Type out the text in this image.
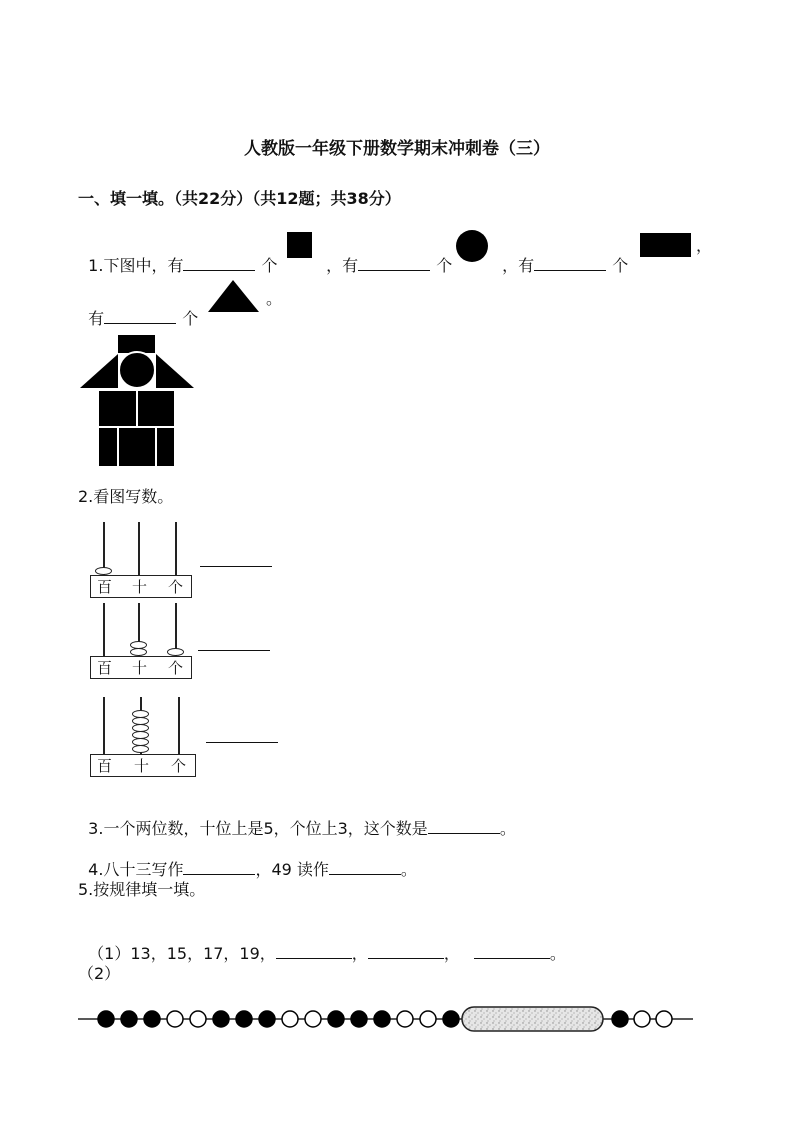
人教版一年级下册数学期末冲刺卷（三）
一、填一填。（共22分）（共12题；共38分）

1.下图中，有	个	，有	个	，有	个

，

有	个

。
2.看图写数。
百 十 个
百 十 个
百 十 个

3.一个两位数，十位上是5，个位上3，这个数是	。

4.八十三写作	，49 读作	。

5.按规律填一填。

（1）13，15，17，19，	，	，	。

（2）
